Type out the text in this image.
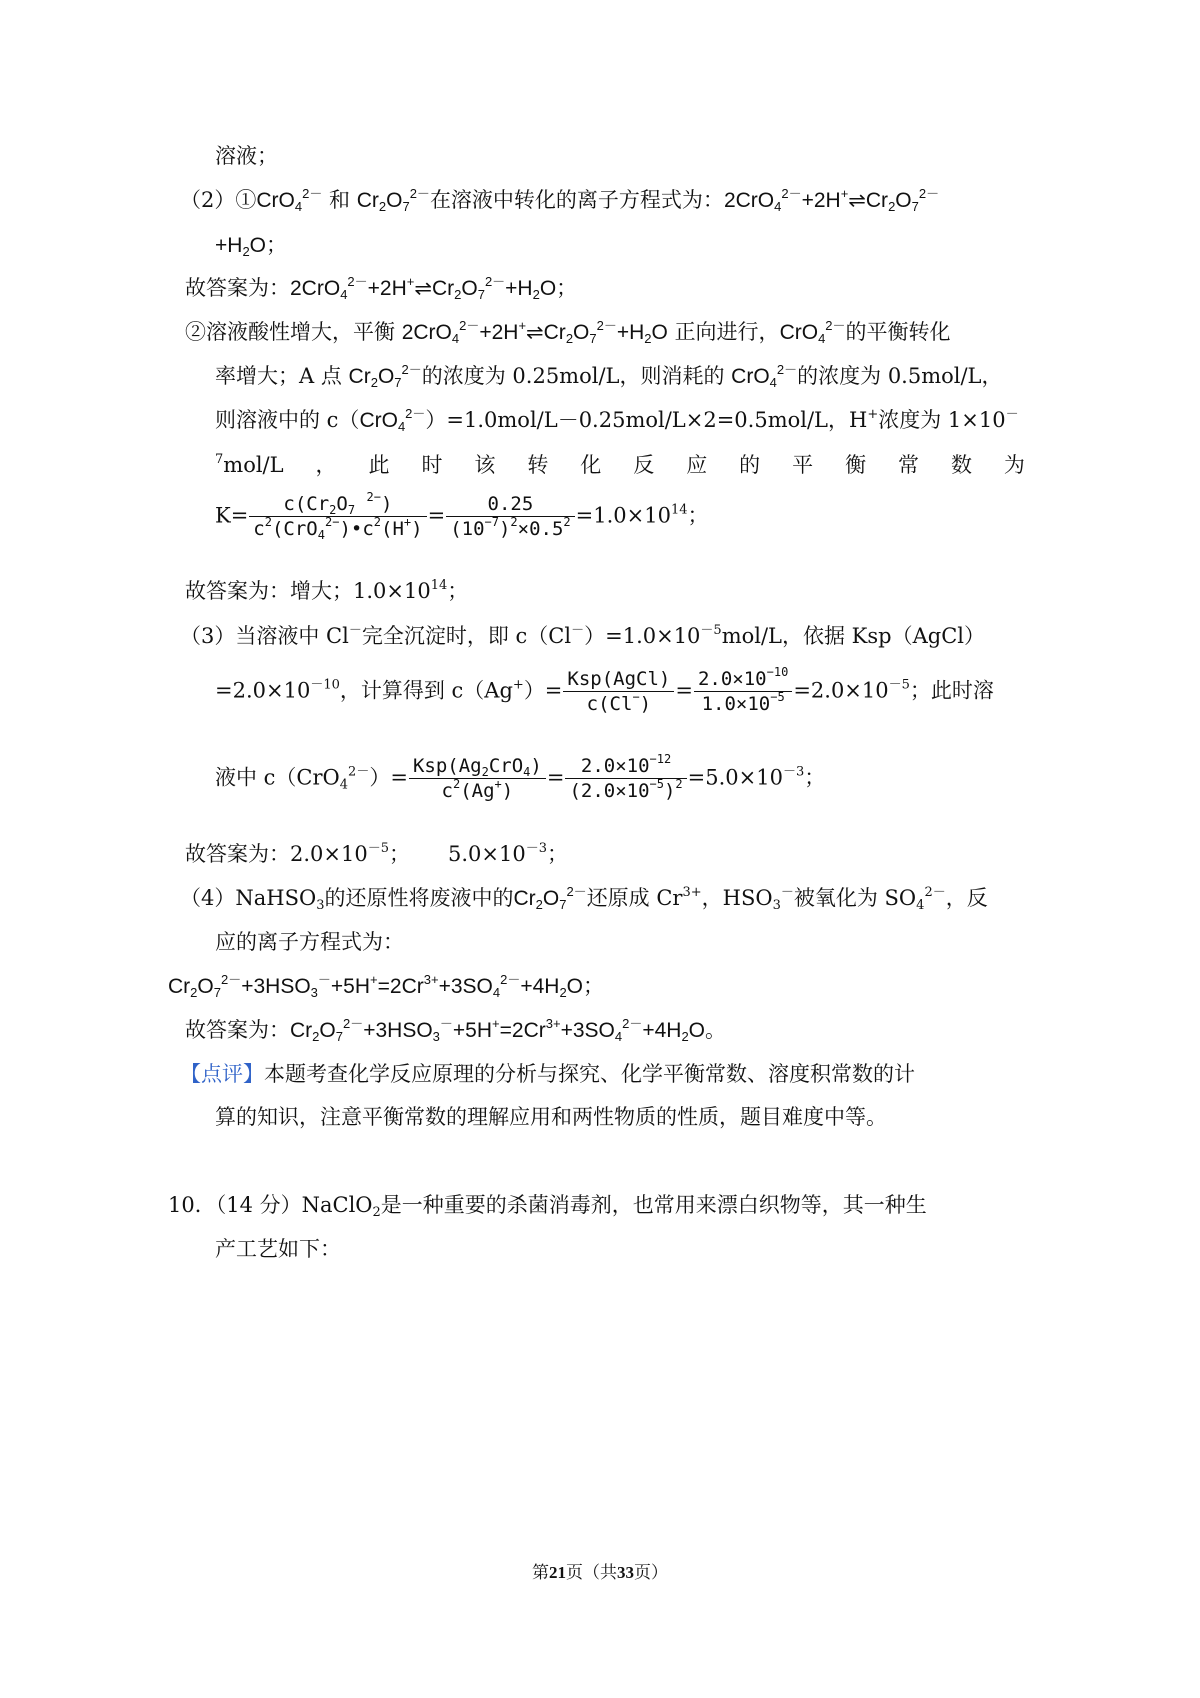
溶液；
（2）①CrO$_4^{2-}$ 和 $Cr_2O_7^{2-}$在溶液中转化的离子方程式为：$2CrO_4^{2-}+2H^+\rightleftharpoons Cr_2O_7^{2-}$
$+H_2O$；
故答案为：$2CrO_4^{2-}+2H^+\rightleftharpoons Cr_2O_7^{2-}+H_2O$；
②溶液酸性增大，平衡 $2CrO_4^{2-}+2H^+\rightleftharpoons Cr_2O_7^{2-}+H_2O$ 正向进行，CrO$_4^{2-}$的平衡转化
率增大；A 点 $Cr_2O_7^{2-}$的浓度为 0.25mol/L，则消耗的 CrO$_4^{2-}$的浓度为 0.5mol/L，
则溶液中的 c（CrO$_4^{2-}$）=1.0mol/L－0.25mol/L×2=0.5mol/L，H+浓度为 1×10－
$^7$mol/L ， 此 时 该 转 化 反 应 的 平 衡 常 数 为
$K= \frac{c(Cr_2O_7 ^{2-})}{c^2(CrO_4^{2-})•c^2(H^+)} = \frac{0.25}{(10^{-7})^2\times 0.5^2} =1.0\times 10^{14}$；
故答案为：增大；$1.0\times 10^{14}$；
（3）当溶液中 Cl－完全沉淀时，即 $c(Cl^-)=1.0\times 10^{-5}mol/L$，依据 Ksp（AgCl）
$=2.0\times 10^{-10}$，计算得到 $c(Ag^+)= \frac{\text{Ksp(AgCl)}}{c(Cl^-)} = \frac{2.0\times 10^{-10}}{1.0\times 10^{-5}} =2.0\times 10^{-5}$；此时溶
液中 $c(CrO_4^{2-})= \frac{Ksp(Ag_2CrO_4)}{c^2(Ag^+)} = \frac{2.0\times 10^{-12}}{(2.0\times 10^{-5})^2} =5.0\times 10^{-3}$；
故答案为：$2.0\times 10^{-5}$； $5.0\times 10^{-3}$；
（4）NaHSO$_3$的还原性将废液中的$Cr_2O_7^{2-}$还原成 $Cr^{3+}$，$HSO_3^-$被氧化为 $SO_4^{2-}$，反
应的离子方程式为：
$Cr_2O_7^{2-}+3HSO_3^-+5H^+=2Cr^{3+}+3SO_4^{2-}+4H_2O$；
故答案为：$Cr_2O_7^{2-}+3HSO_3^-+5H^+=2Cr^{3+}+3SO_4^{2-}+4H_2O$。
【点评】本题考查化学反应原理的分析与探究、化学平衡常数、溶度积常数的计
算的知识，注意平衡常数的理解应用和两性物质的性质，题目难度中等。
10．（14 分）NaClO$_2$是一种重要的杀菌消毒剂，也常用来漂白织物等，其一种生
产工艺如下：
第21页（共33页）
